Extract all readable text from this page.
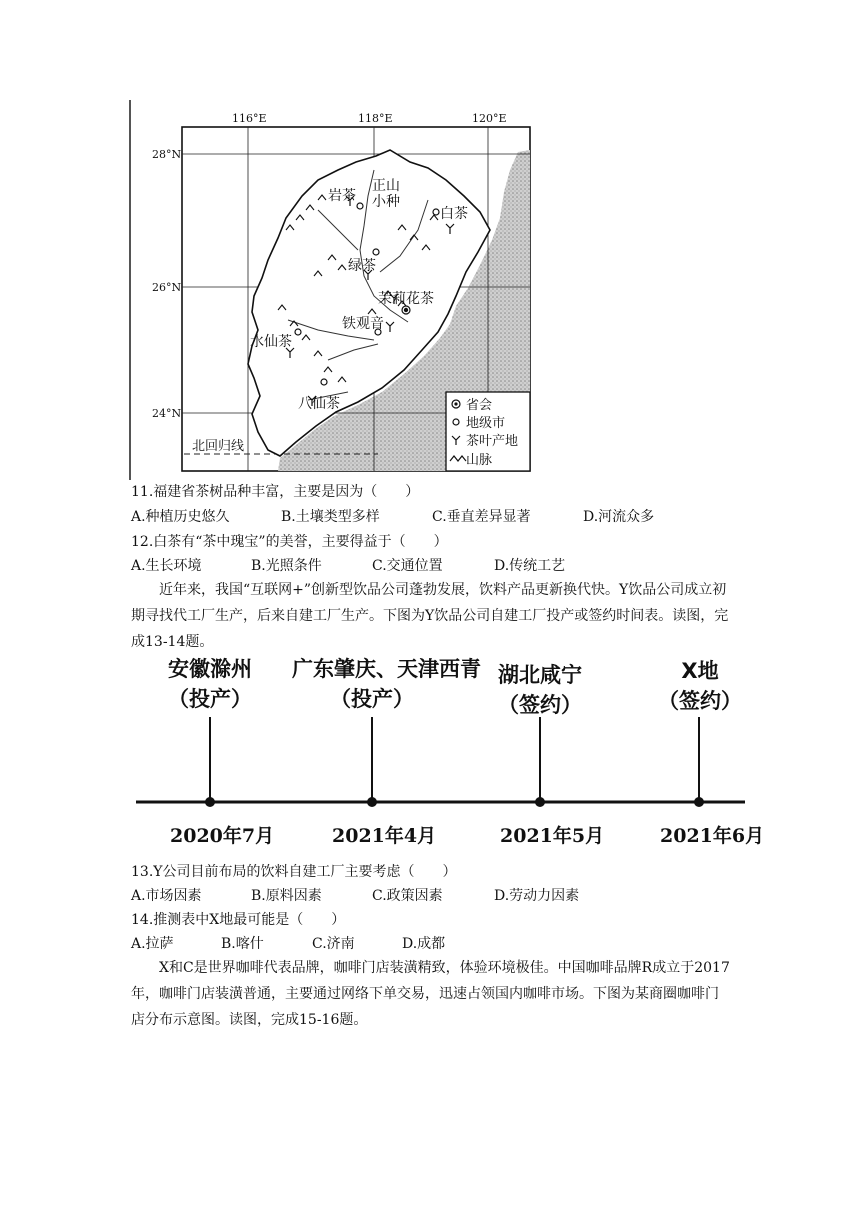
116°E	118°E	120°E
28°N
26°N
24°N
岩茶
正山
小种
白茶
绿茶
茉莉花茶
铁观音
水仙茶
八仙茶
北回归线
省会
地级市
茶叶产地
山脉
11.福建省茶树品种丰富，主要是因为（　　）
A.种植历史悠久	B.土壤类型多样	C.垂直差异显著	D.河流众多
12.白茶有“茶中瑰宝”的美誉，主要得益于（　　）
A.生长环境	B.光照条件	C.交通位置	D.传统工艺
近年来，我国“互联网+”创新型饮品公司蓬勃发展，饮料产品更新换代快。Y饮品公司成立初期寻找代工厂生产，后来自建工厂生产。下图为Y饮品公司自建工厂投产或签约时间表。读图，完成13-14题。
安徽滁州
（投产）
2020年7月
广东肇庆、天津西青
（投产）
2021年4月
湖北咸宁
（签约）
2021年5月
X地
（签约）
2021年6月
13.Y公司目前布局的饮料自建工厂主要考虑（　　）
A.市场因素	B.原料因素	C.政策因素	D.劳动力因素
14.推测表中X地最可能是（　　）
A.拉萨	B.喀什	C.济南	D.成都
X和C是世界咖啡代表品牌，咖啡门店装潢精致，体验环境极佳。中国咖啡品牌R成立于2017年，咖啡门店装潢普通，主要通过网络下单交易，迅速占领国内咖啡市场。下图为某商圈咖啡门店分布示意图。读图，完成15-16题。
